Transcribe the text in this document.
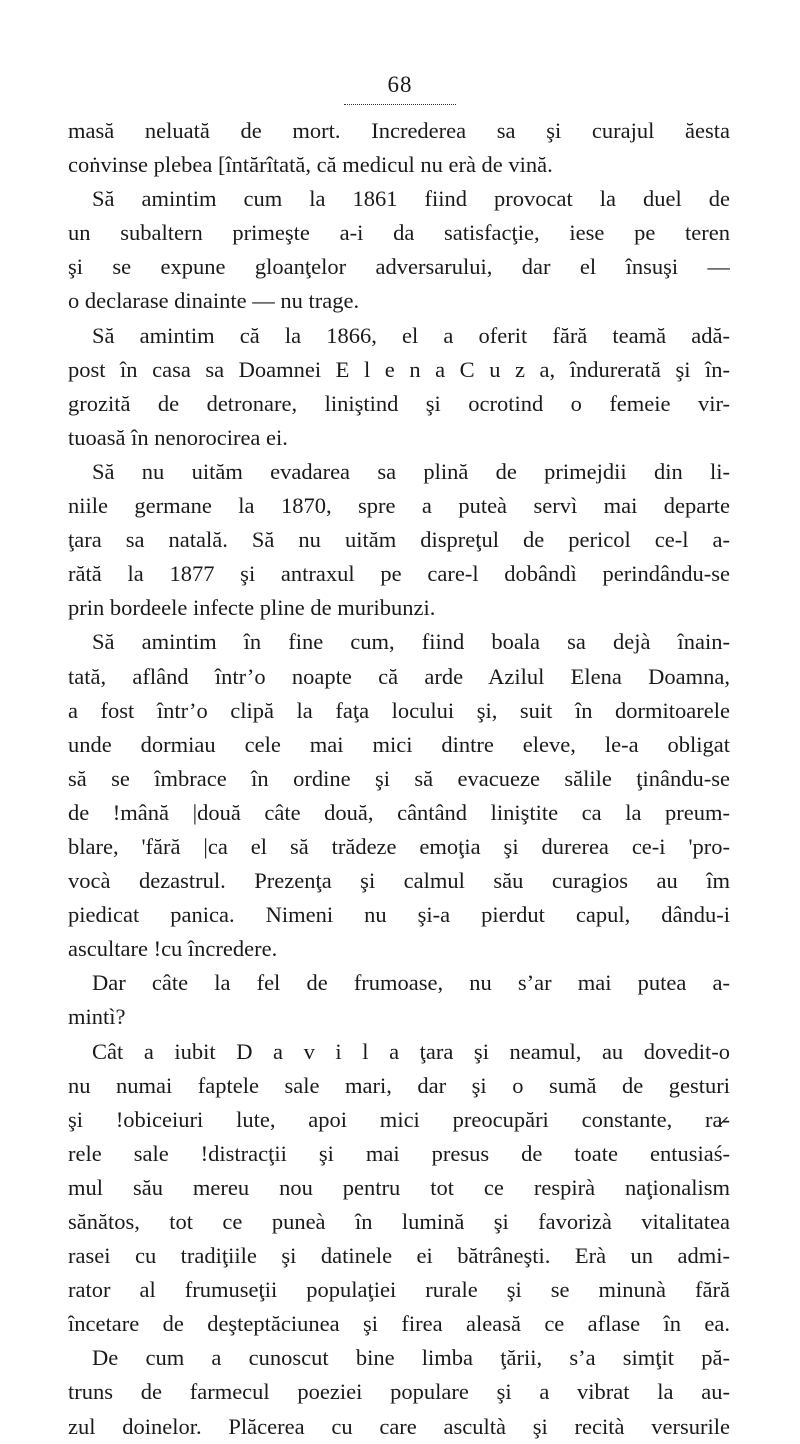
68
masă neluată de mort. Increderea sa şi curajul ăesta
coṅvinse plebea [întărîtată, că medicul nu erà de vină.
Să amintim cum la 1861 fiind provocat la duel de
un subaltern primeşte a-i da satisfacţie, iese pe teren
şi se expune gloanţelor adversarului, dar el însuşi —
o declarase dinainte — nu trage.
Să amintim că la 1866, el a oferit fără teamă adă-
post în casa sa Doamnei E l e n a C u z a, îndurerată şi în-
grozită de detronare, liniştind şi ocrotind o femeie vir-
tuoasă în nenorocirea ei.
Să nu uităm evadarea sa plină de primejdii din li-
niile germane la 1870, spre a puteà servì mai departe
ţara sa natală. Să nu uităm dispreţul de pericol ce-l a-
rătă la 1877 şi antraxul pe care-l dobândì perindându-se
prin bordeele infecte pline de muribunzi.
Să amintim în fine cum, fiind boala sa dejà înain-
tată, aflând într’o noapte că arde Azilul Elena Doamna,
a fost într’o clipă la faţa locului şi, suit în dormitoarele
unde dormiau cele mai mici dintre eleve, le-a obligat
să se îmbrace în ordine şi să evacueze sălile ţinându-se
de !mână |două câte două, cântând liniştite ca la preum-
blare, 'fără |ca el să trădeze emoţia şi durerea ce-i 'pro-
vocà dezastrul. Prezenţa şi calmul său curagios au îm
piedicat panica. Nimeni nu şi-a pierdut capul, dându-i
ascultare !cu încredere.
Dar câte la fel de frumoase, nu s’ar mai putea a-
mintì?
Cât a iubit D a v i l a ţara şi neamul, au dovedit-o
nu numai faptele sale mari, dar şi o sumă de gesturi
şi !obiceiuri lute, apoi mici preocupări constante, ra̷-
rele sale !distracţii şi mai presus de toate entusiaś-
mul său mereu nou pentru tot ce respirà naţionalism
sănătos, tot ce puneà în lumină şi favorizà vitalitatea
rasei cu tradiţiile şi datinele ei bătrâneşti. Erà un admi-
rator al frumuseţii populaţiei rurale şi se minunà fără
încetare de deşteptăciunea şi firea aleasă ce aflase în ea.
De cum a cunoscut bine limba ţării, s’a simţit pă-
truns de farmecul poeziei populare şi a vibrat la au-
zul doinelor. Plăcerea cu care ascultà şi recità versurile
